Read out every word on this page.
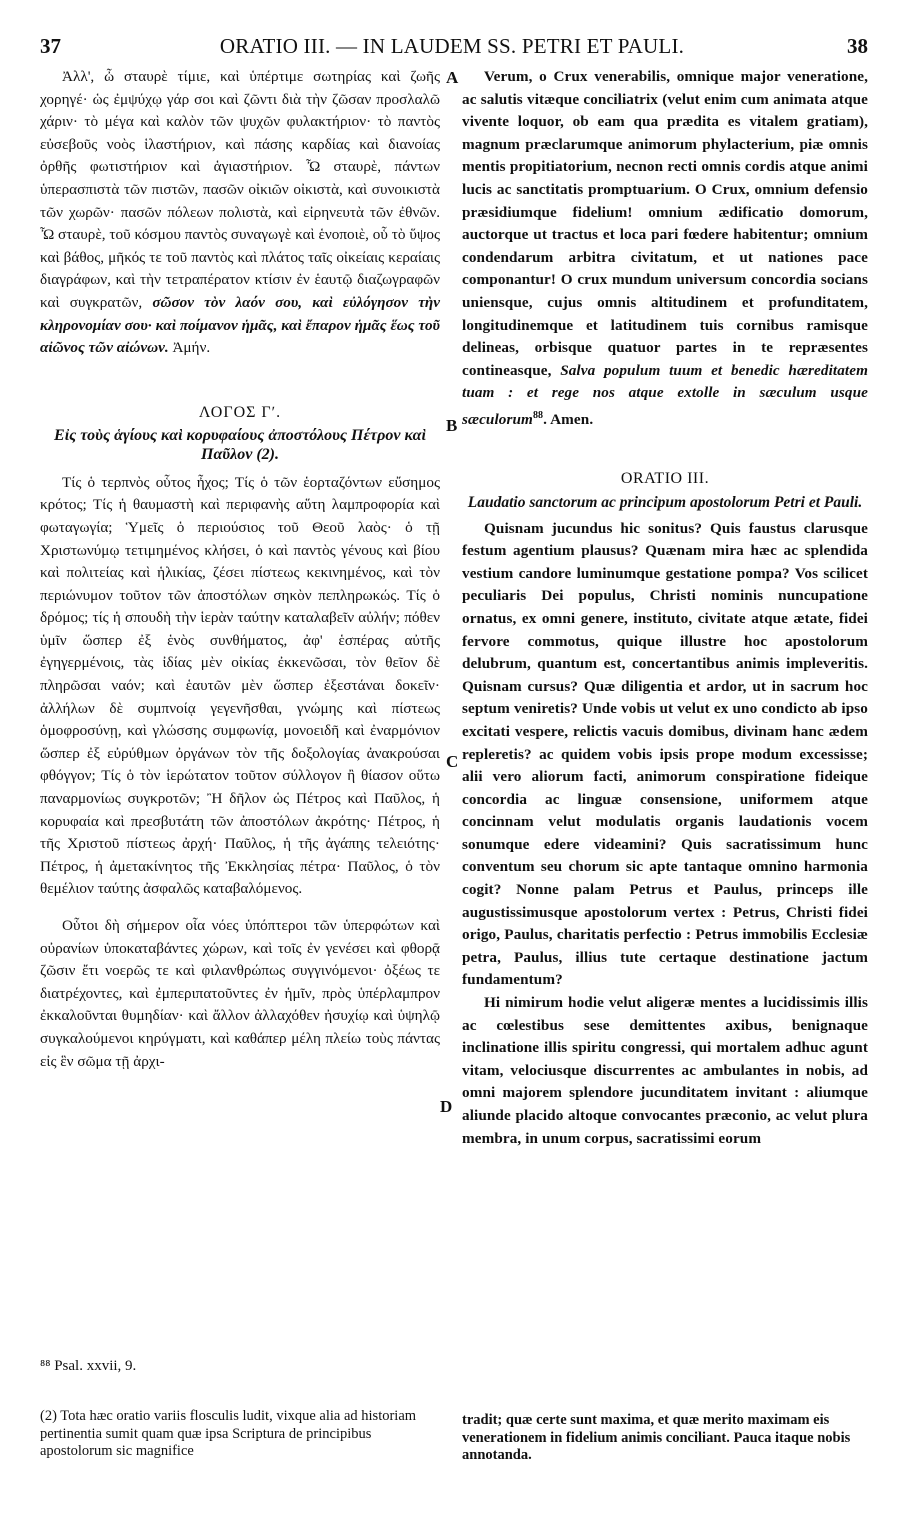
37	ORATIO III. — IN LAUDEM SS. PETRI ET PAULI.	38
A
B
C
D

Ἀλλ', ὦ σταυρὲ τίμιε, καὶ ὑπέρτιμε σωτηρίας καὶ ζωῆς χορηγέ· ὡς ἐμψύχῳ γάρ σοι καὶ ζῶντι διὰ τὴν ζῶσαν προσλαλῶ χάριν· τὸ μέγα καὶ καλὸν τῶν ψυχῶν φυλακτήριον· τὸ παντὸς εὐσεβοῦς νοὸς ἱλαστήριον, καὶ πάσης καρδίας καὶ διανοίας ὀρθῆς φωτιστήριον καὶ ἁγιαστήριον. Ὦ σταυρὲ, πάντων ὑπερασπιστὰ τῶν πιστῶν, πασῶν οἰκιῶν οἰκιστὰ, καὶ συνοικιστὰ τῶν χωρῶν· πασῶν πόλεων πολιστὰ, καὶ εἰρηνευτὰ τῶν ἐθνῶν. Ὦ σταυρὲ, τοῦ κόσμου παντὸς συναγωγὲ καὶ ἑνοποιὲ, οὗ τὸ ὕψος καὶ βάθος, μῆκός τε τοῦ παντὸς καὶ πλάτος ταῖς οἰκείαις κεραίαις διαγράφων, καὶ τὴν τετραπέρατον κτίσιν ἐν ἑαυτῷ διαζωγραφῶν καὶ συγκρατῶν, σῶσον τὸν λαόν σου, καὶ εὐλόγησον τὴν κληρονομίαν σου· καὶ ποίμανον ἡμᾶς, καὶ ἔπαρον ἡμᾶς ἕως τοῦ αἰῶνος τῶν αἰώνων. Ἀμήν.

ΛΟΓΟΣ Γʹ.
Εἰς τοὺς ἁγίους καὶ κορυφαίους ἀποστόλους Πέτρον καὶ Παῦλον (2).

Τίς ὁ τερπνὸς οὗτος ἦχος; Τίς ὁ τῶν ἑορταζόντων εὔσημος κρότος; Τίς ἡ θαυμαστὴ καὶ περιφανὴς αὕτη λαμπροφορία καὶ φωταγωγία; Ὑμεῖς ὁ περιούσιος τοῦ Θεοῦ λαὸς· ὁ τῇ Χριστωνύμῳ τετιμημένος κλήσει, ὁ καὶ παντὸς γένους καὶ βίου καὶ πολιτείας καὶ ἡλικίας, ζέσει πίστεως κεκινημένος, καὶ τὸν περιώνυμον τοῦτον τῶν ἀποστόλων σηκὸν πεπληρωκώς. Τίς ὁ δρόμος; τίς ἡ σπουδὴ τὴν ἱερὰν ταύτην καταλαβεῖν αὐλήν; πόθεν ὑμῖν ὥσπερ ἐξ ἑνὸς συνθήματος, ἀφ' ἑσπέρας αὐτῆς ἐγηγερμένοις, τὰς ἰδίας μὲν οἰκίας ἐκκενῶσαι, τὸν θεῖον δὲ πληρῶσαι ναόν; καὶ ἑαυτῶν μὲν ὥσπερ ἐξεστάναι δοκεῖν· ἀλλήλων δὲ συμπνοίᾳ γεγενῆσθαι, γνώμης καὶ πίστεως ὁμοφροσύνῃ, καὶ γλώσσης συμφωνίᾳ, μονοειδῆ καὶ ἐναρμόνιον ὥσπερ ἐξ εὐρύθμων ὀργάνων τὸν τῆς δοξολογίας ἀνακρούσαι φθόγγον; Τίς ὁ τὸν ἱερώτατον τοῦτον σύλλογον ἢ θίασον οὕτω παναρμονίως συγκροτῶν; Ἢ δῆλον ὡς Πέτρος καὶ Παῦλος, ἡ κορυφαία καὶ πρεσβυτάτη τῶν ἀποστόλων ἀκρότης· Πέτρος, ἡ τῆς Χριστοῦ πίστεως ἀρχή· Παῦλος, ἡ τῆς ἀγάπης τελειότης· Πέτρος, ἡ ἀμετακίνητος τῆς Ἐκκλησίας πέτρα· Παῦλος, ὁ τὸν θεμέλιον ταύτης ἀσφαλῶς καταβαλόμενος.

Οὗτοι δὴ σήμερον οἷα νόες ὑπόπτεροι τῶν ὑπερφώτων καὶ οὐρανίων ὑποκαταβάντες χώρων, καὶ τοῖς ἐν γενέσει καὶ φθορᾷ ζῶσιν ἔτι νοερῶς τε καὶ φιλανθρώπως συγγινόμενοι· ὀξέως τε διατρέχοντες, καὶ ἐμπεριπατοῦντες ἐν ἡμῖν, πρὸς ὑπέρλαμπρον ἐκκαλοῦνται θυμηδίαν· καὶ ἄλλον ἀλλαχόθεν ἠσυχίῳ καὶ ὑψηλῷ συγκαλούμενοι κηρύγματι, καὶ καθάπερ μέλη πλείω τοὺς πάντας εἰς ἓν σῶμα τῇ ἀρχι-

Verum, o Crux venerabilis, omnique major veneratione, ac salutis vitæque conciliatrix (velut enim cum animata atque vivente loquor, ob eam qua prædita es vitalem gratiam), magnum præclarumque animorum phylacterium, piæ omnis mentis propitiatorium, necnon recti omnis cordis atque animi lucis ac sanctitatis promptuarium. O Crux, omnium defensio præsidiumque fidelium! omnium ædificatio domorum, auctorque ut tractus et loca pari fœdere habitentur; omnium condendarum arbitra civitatum, et ut nationes pace componantur! O crux mundum universum concordia socians uniensque, cujus omnis altitudinem et profunditatem, longitudinemque et latitudinem tuis cornibus ramisque delineas, orbisque quatuor partes in te repræsentes contineasque, Salva populum tuum et benedic hæreditatem tuam : et rege nos atque extolle in sæculum usque sæculorum$^{88}$. Amen.

ORATIO III.
Laudatio sanctorum ac principum apostolorum Petri et Pauli.

Quisnam jucundus hic sonitus? Quis faustus clarusque festum agentium plausus? Quænam mira hæc ac splendida vestium candore luminumque gestatione pompa? Vos scilicet peculiaris Dei populus, Christi nominis nuncupatione ornatus, ex omni genere, instituto, civitate atque ætate, fidei fervore commotus, quique illustre hoc apostolorum delubrum, quantum est, concertantibus animis impleveritis. Quisnam cursus? Quæ diligentia et ardor, ut in sacrum hoc septum veniretis? Unde vobis ut velut ex uno condicto ab ipso excitati vespere, relictis vacuis domibus, divinam hanc ædem repleretis? ac quidem vobis ipsis prope modum excessisse; alii vero aliorum facti, animorum conspiratione fideique concordia ac linguæ consensione, uniformem atque concinnam velut modulatis organis laudationis vocem sonumque edere videamini? Quis sacratissimum hunc conventum seu chorum sic apte tantaque omnino harmonia cogit? Nonne palam Petrus et Paulus, princeps ille augustissimusque apostolorum vertex : Petrus, Christi fidei origo, Paulus, charitatis perfectio : Petrus immobilis Ecclesiæ petra, Paulus, illius tute certaque destinatione jactum fundamentum?

Hi nimirum hodie velut aligeræ mentes a lucidissimis illis ac cœlestibus sese demittentes axibus, benignaque inclinatione illis spiritu congressi, qui mortalem adhuc agunt vitam, velociusque discurrentes ac ambulantes in nobis, ad omni majorem splendore jucunditatem invitant : aliumque aliunde placido altoque convocantes præconio, ac velut plura membra, in unum corpus, sacratissimi eorum

⁸⁸ Psal. xxvii, 9.
(2) Tota hæc oratio variis flosculis ludit, vixque alia ad historiam pertinentia sumit quam quæ ipsa Scriptura de principibus apostolorum sic magnifice
tradit; quæ certe sunt maxima, et quæ merito maximam eis venerationem in fidelium animis conciliant. Pauca itaque nobis annotanda.
